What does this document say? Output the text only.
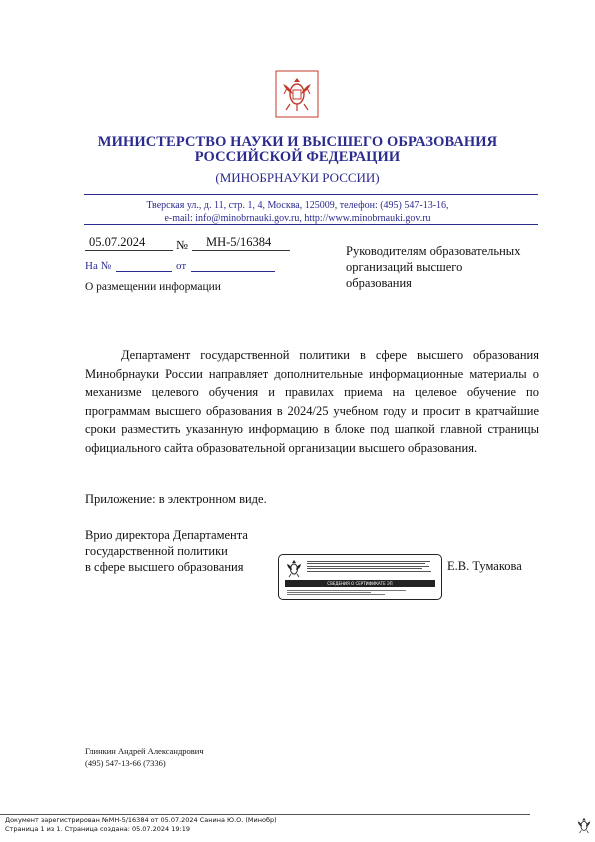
МИНИСТЕРСТВО НАУКИ И ВЫСШЕГО ОБРАЗОВАНИЯ
РОССИЙСКОЙ ФЕДЕРАЦИИ
(МИНОБРНАУКИ РОССИИ)
Тверская ул., д. 11, стр. 1, 4, Москва, 125009, телефон: (495) 547-13-16,
e-mail: info@minobrnauki.gov.ru, http://www.minobrnauki.gov.ru
05.07.2024	№	МН-5/16384
На №	от
О размещении информации
Руководителям образовательных
организаций высшего
образования

Департамент государственной политики в сфере высшего образования Минобрнауки России направляет дополнительные информационные материалы о механизме целевого обучения и правилах приема на целевое обучение по программам высшего образования в 2024/25 учебном году и просит в кратчайшие сроки разместить указанную информацию в блоке под шапкой главной страницы официального сайта образовательной организации высшего образования.

Приложение: в электронном виде.
Врио директора Департамента
государственной политики
в сфере высшего образования
СВЕДЕНИЯ О СЕРТИФИКАТЕ ЭП
Е.В. Тумакова
Глинкин Андрей Александрович
(495) 547-13-66 (7336)
Документ зарегистрирован №МН-5/16384 от 05.07.2024 Санина Ю.О. (Минобр)
Страница 1 из 1. Страница создана: 05.07.2024 19:19
